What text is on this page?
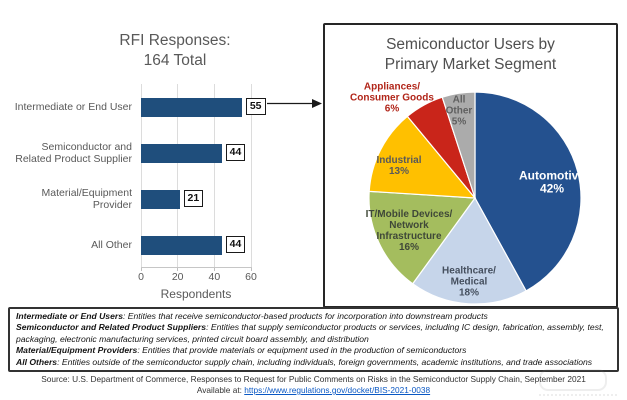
RFI Responses:
164 Total
0	20	40	60
Intermediate or End User	55
Semiconductor and Related Product Supplier
44
Material/Equipment Provider
21
All Other	44
Respondents
Semiconductor Users by
Primary Market Segment
Automotive 42%
Healthcare/ Medical 18%
IT/Mobile Devices/ Network Infrastructure 16%
Industrial 13%
Appliances/ Consumer Goods 6%
All Other 5%
Intermediate or End Users: Entities that receive semiconductor-based products for incorporation into downstream products
Semiconductor and Related Product Suppliers: Entities that supply semiconductor products or services, including IC design, fabrication, assembly, test, packaging, electronic manufacturing services, printed circuit board assembly, and distribution
Material/Equipment Providers: Entities that provide materials or equipment used in the production of semiconductors
All Others: Entities outside of the semiconductor supply chain, including individuals, foreign governments, academic institutions, and trade associations
Source: U.S. Department of Commerce, Responses to Request for Public Comments on Risks in the Semiconductor Supply Chain, September 2021
Available at: https://www.regulations.gov/docket/BIS-2021-0038
